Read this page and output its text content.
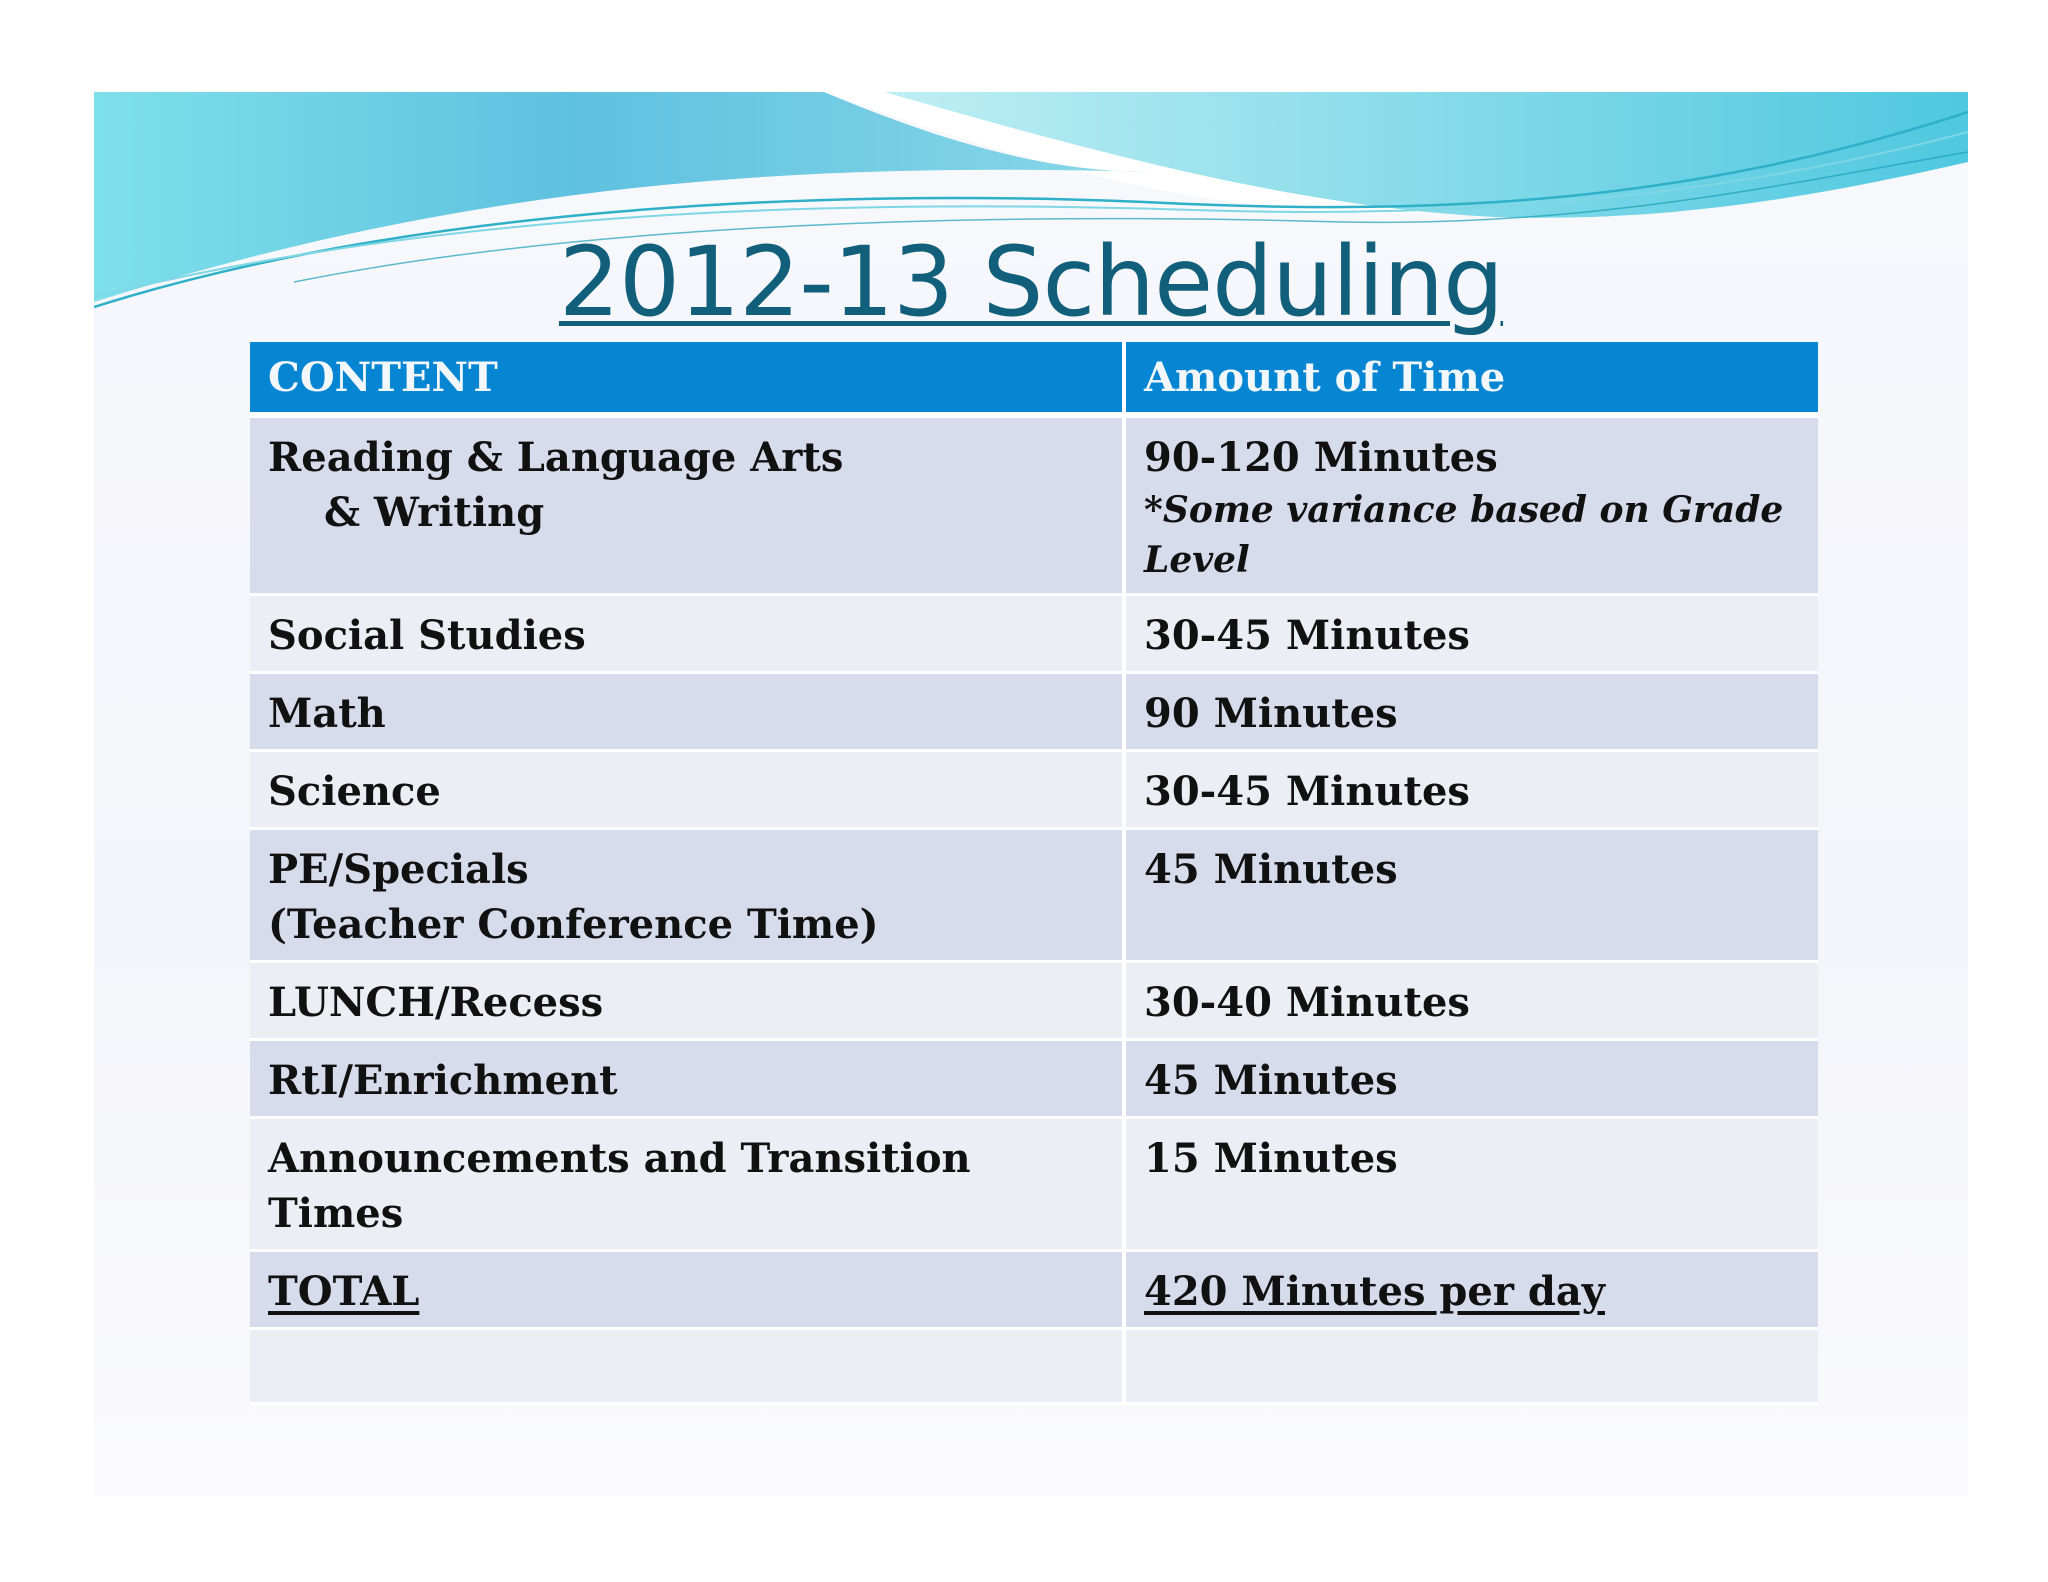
2012-13 Scheduling
CONTENT	Amount of Time
Reading & Language Arts
& Writing	90-120 Minutes
*Some variance based on Grade Level

Social Studies	30-45 Minutes
Math	90 Minutes
Science	30-45 Minutes
PE/Specials
(Teacher Conference Time)	45 Minutes
LUNCH/Recess	30-40 Minutes
RtI/Enrichment	45 Minutes
Announcements and Transition Times	15 Minutes
TOTAL	420 Minutes per day
